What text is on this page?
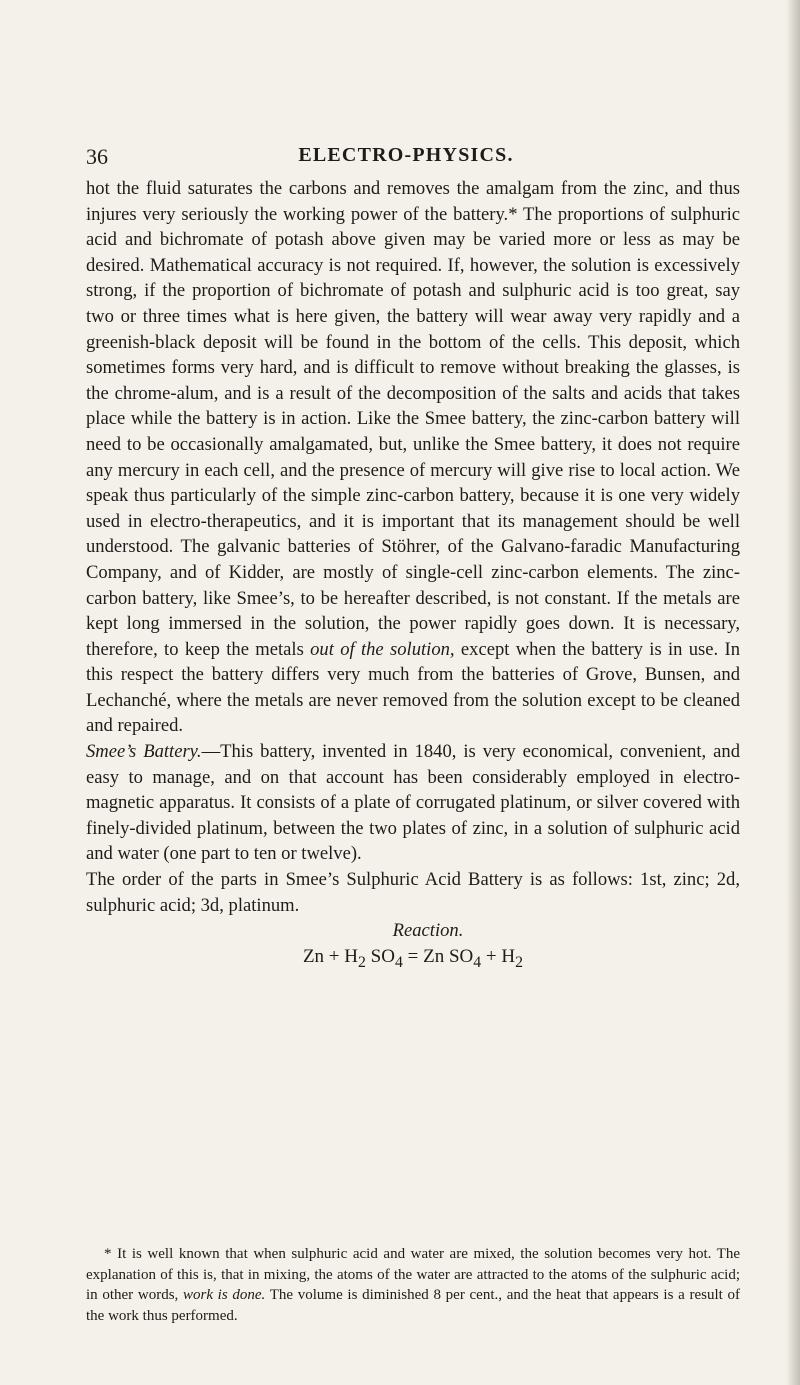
36	ELECTRO-PHYSICS.

hot the fluid saturates the carbons and removes the amalgam from the zinc, and thus injures very seriously the working power of the battery.* The proportions of sulphuric acid and bichromate of potash above given may be varied more or less as may be desired. Mathematical accuracy is not required. If, however, the solution is excessively strong, if the proportion of bichromate of potash and sulphuric acid is too great, say two or three times what is here given, the battery will wear away very rapidly and a greenish-black deposit will be found in the bottom of the cells. This deposit, which sometimes forms very hard, and is difficult to remove without breaking the glasses, is the chrome-alum, and is a result of the decomposition of the salts and acids that takes place while the battery is in action. Like the Smee battery, the zinc-carbon battery will need to be occasionally amalgamated, but, unlike the Smee battery, it does not require any mercury in each cell, and the presence of mercury will give rise to local action. We speak thus particularly of the simple zinc-carbon battery, because it is one very widely used in electro-therapeutics, and it is important that its management should be well understood. The galvanic batteries of Stöhrer, of the Galvano-faradic Manufacturing Company, and of Kidder, are mostly of single-cell zinc-carbon elements. The zinc-carbon battery, like Smee’s, to be hereafter described, is not constant. If the metals are kept long immersed in the solution, the power rapidly goes down. It is necessary, therefore, to keep the metals out of the solution, except when the battery is in use. In this respect the battery differs very much from the batteries of Grove, Bunsen, and Lechanché, where the metals are never removed from the solution except to be cleaned and repaired.

Smee’s Battery.—This battery, invented in 1840, is very economical, convenient, and easy to manage, and on that account has been considerably employed in electro-magnetic apparatus. It consists of a plate of corrugated platinum, or silver covered with finely-divided platinum, between the two plates of zinc, in a solution of sulphuric acid and water (one part to ten or twelve).

The order of the parts in Smee’s Sulphuric Acid Battery is as follows: 1st, zinc; 2d, sulphuric acid; 3d, platinum.

Reaction.

$Zn + H_2$ $SO_4 = Zn$ $SO_4 + H_2$

* It is well known that when sulphuric acid and water are mixed, the solution becomes very hot. The explanation of this is, that in mixing, the atoms of the water are attracted to the atoms of the sulphuric acid; in other words, work is done. The volume is diminished 8 per cent., and the heat that appears is a result of the work thus performed.
